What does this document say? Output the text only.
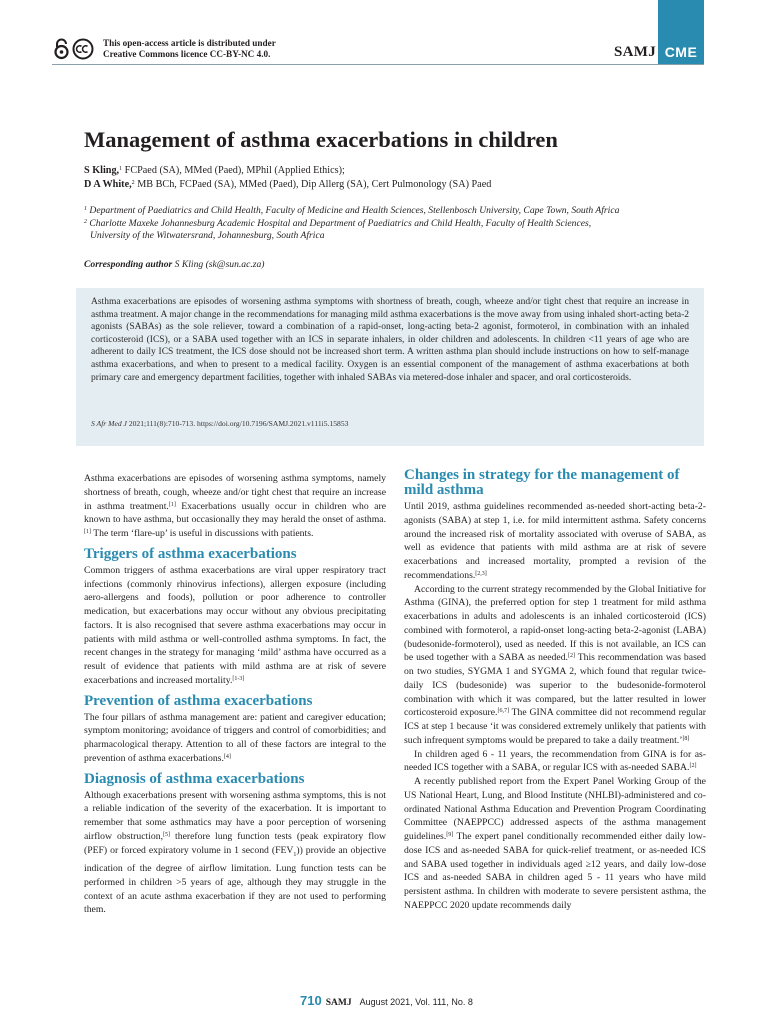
This open-access article is distributed under
Creative Commons licence CC-BY-NC 4.0.	SAMJ CME
Management of asthma exacerbations in children
S Kling,$^1$ FCPaed (SA), MMed (Paed), MPhil (Applied Ethics);
D A White,$^2$ MB BCh, FCPaed (SA), MMed (Paed), Dip Allerg (SA), Cert Pulmonology (SA) Paed
$^1$ Department of Paediatrics and Child Health, Faculty of Medicine and Health Sciences, Stellenbosch University, Cape Town, South Africa
$^2$ Charlotte Maxeke Johannesburg Academic Hospital and Department of Paediatrics and Child Health, Faculty of Health Sciences,
University of the Witwatersrand, Johannesburg, South Africa
Corresponding author S Kling (sk@sun.ac.za)
Asthma exacerbations are episodes of worsening asthma symptoms with shortness of breath, cough, wheeze and/or tight chest that require an increase in asthma treatment. A major change in the recommendations for managing mild asthma exacerbations is the move away from using inhaled short-acting beta-2 agonists (SABAs) as the sole reliever, toward a combination of a rapid-onset, long-acting beta-2 agonist, formoterol, in combination with an inhaled corticosteroid (ICS), or a SABA used together with an ICS in separate inhalers, in older children and adolescents. In children <11 years of age who are adherent to daily ICS treatment, the ICS dose should not be increased short term. A written asthma plan should include instructions on how to self-manage asthma exacerbations, and when to present to a medical facility. Oxygen is an essential component of the management of asthma exacerbations at both primary care and emergency department facilities, together with inhaled SABAs via metered-dose inhaler and spacer, and oral corticosteroids.
S Afr Med J 2021;111(8):710-713. https://doi.org/10.7196/SAMJ.2021.v111i5.15853

Asthma exacerbations are episodes of worsening asthma symptoms, namely shortness of breath, cough, wheeze and/or tight chest that require an increase in asthma treatment.[1] Exacerbations usually occur in children who are known to have asthma, but occasionally they may herald the onset of asthma.[1] The term ‘flare-up’ is useful in discussions with patients.

Triggers of asthma exacerbations

Common triggers of asthma exacerbations are viral upper respiratory tract infections (commonly rhinovirus infections), allergen exposure (including aero-allergens and foods), pollution or poor adherence to controller medication, but exacerbations may occur without any obvious precipitating factors. It is also recognised that severe asthma exacerbations may occur in patients with mild asthma or well-controlled asthma symptoms. In fact, the recent changes in the strategy for managing ‘mild’ asthma have occurred as a result of evidence that patients with mild asthma are at risk of severe exacerbations and increased mortality.[1-3]

Prevention of asthma exacerbations

The four pillars of asthma management are: patient and caregiver education; symptom monitoring; avoidance of triggers and control of comorbidities; and pharmacological therapy. Attention to all of these factors are integral to the prevention of asthma exacerbations.[4]

Diagnosis of asthma exacerbations

Although exacerbations present with worsening asthma symptoms, this is not a reliable indication of the severity of the exacerbation. It is important to remember that some asthmatics may have a poor perception of worsening airflow obstruction,[5] therefore lung function tests (peak expiratory flow (PEF) or forced expiratory volume in 1 second $(FEV_1)$) provide an objective indication of the degree of airflow limitation. Lung function tests can be performed in children >5 years of age, although they may struggle in the context of an acute asthma exacerbation if they are not used to performing them.

Changes in strategy for the management of mild asthma

Until 2019, asthma guidelines recommended as-needed short-acting beta-2-agonists (SABA) at step 1, i.e. for mild intermittent asthma. Safety concerns around the increased risk of mortality associated with overuse of SABA, as well as evidence that patients with mild asthma are at risk of severe exacerbations and increased mortality, prompted a revision of the recommendations.[2,3]

According to the current strategy recommended by the Global Initiative for Asthma (GINA), the preferred option for step 1 treatment for mild asthma exacerbations in adults and adolescents is an inhaled corticosteroid (ICS) combined with formoterol, a rapid-onset long-acting beta-2-agonist (LABA) (budesonide-formoterol), used as needed. If this is not available, an ICS can be used together with a SABA as needed.[2] This recommendation was based on two studies, SYGMA 1 and SYGMA 2, which found that regular twice-daily ICS (budesonide) was superior to the budesonide-formoterol combination with which it was compared, but the latter resulted in lower corticosteroid exposure.[6,7] The GINA committee did not recommend regular ICS at step 1 because ‘it was considered extremely unlikely that patients with such infrequent symptoms would be prepared to take a daily treatment.’[8]

In children aged 6 - 11 years, the recommendation from GINA is for as-needed ICS together with a SABA, or regular ICS with as-needed SABA.[2]

A recently published report from the Expert Panel Working Group of the US National Heart, Lung, and Blood Institute (NHLBI)-administered and co-ordinated National Asthma Education and Prevention Program Coordinating Committee (NAEPPCC) addressed aspects of the asthma management guidelines.[9] The expert panel conditionally recommended either daily low-dose ICS and as-needed SABA for quick-relief treatment, or as-needed ICS and SABA used together in individuals aged ≥12 years, and daily low-dose ICS and as-needed SABA in children aged 5 - 11 years who have mild persistent asthma. In children with moderate to severe persistent asthma, the NAEPPCC 2020 update recommends daily

710 SAMJ August 2021, Vol. 111, No. 8
